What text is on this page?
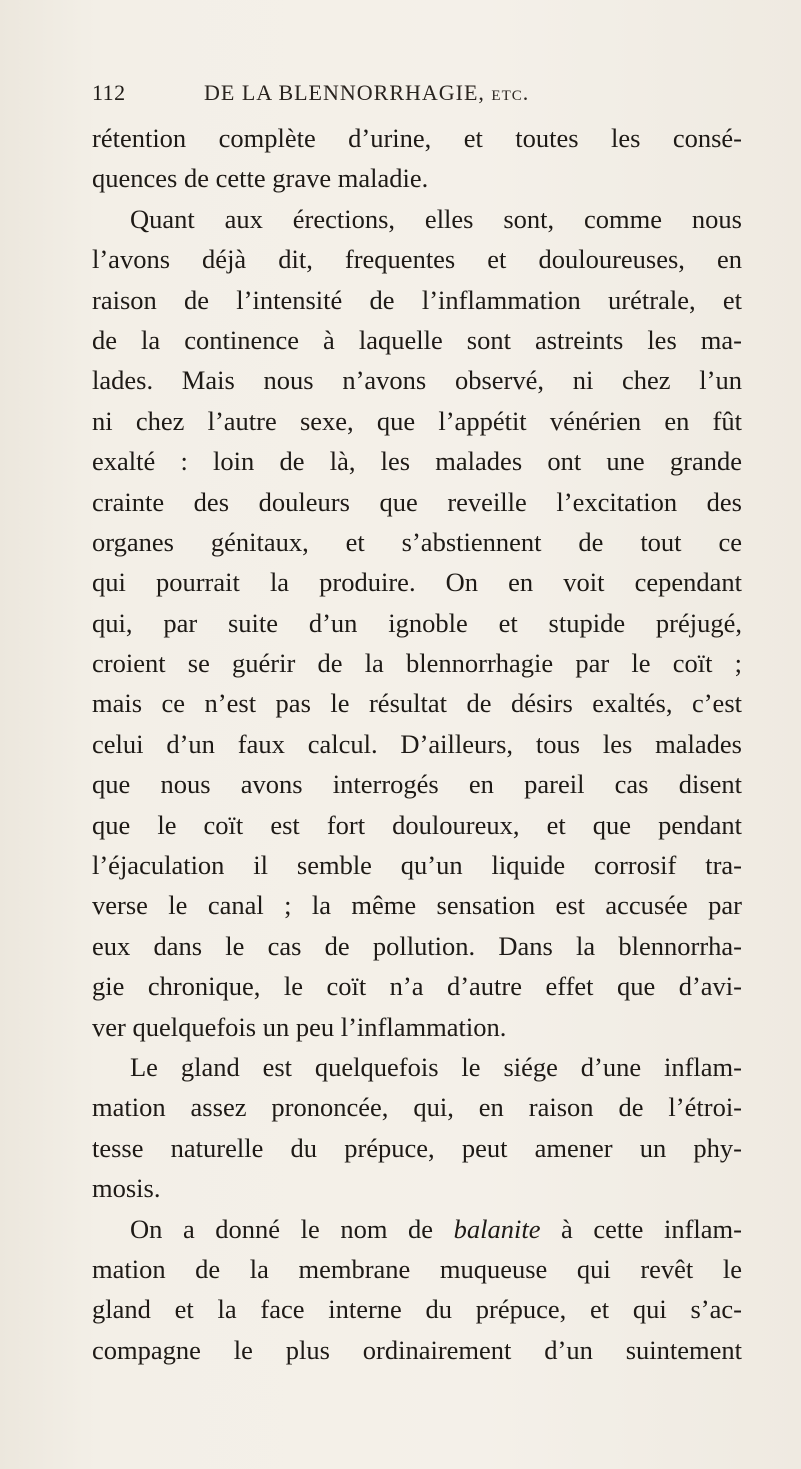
112	DE LA BLENNORRHAGIE, etc.
rétention complète d’urine, et toutes les consé-
quences de cette grave maladie.
Quant aux érections, elles sont, comme nous
l’avons déjà dit, frequentes et douloureuses, en
raison de l’intensité de l’inflammation urétrale, et
de la continence à laquelle sont astreints les ma-
lades. Mais nous n’avons observé, ni chez l’un
ni chez l’autre sexe, que l’appétit vénérien en fût
exalté : loin de là, les malades ont une grande
crainte des douleurs que reveille l’excitation des
organes génitaux, et s’abstiennent de tout ce
qui pourrait la produire. On en voit cependant
qui, par suite d’un ignoble et stupide préjugé,
croient se guérir de la blennorrhagie par le coït ;
mais ce n’est pas le résultat de désirs exaltés, c’est
celui d’un faux calcul. D’ailleurs, tous les malades
que nous avons interrogés en pareil cas disent
que le coït est fort douloureux, et que pendant
l’éjaculation il semble qu’un liquide corrosif tra-
verse le canal ; la même sensation est accusée par
eux dans le cas de pollution. Dans la blennorrha-
gie chronique, le coït n’a d’autre effet que d’avi-
ver quelquefois un peu l’inflammation.
Le gland est quelquefois le siége d’une inflam-
mation assez prononcée, qui, en raison de l’étroi-
tesse naturelle du prépuce, peut amener un phy-
mosis.
On a donné le nom de balanite à cette inflam-
mation de la membrane muqueuse qui revêt le
gland et la face interne du prépuce, et qui s’ac-
compagne le plus ordinairement d’un suintement
